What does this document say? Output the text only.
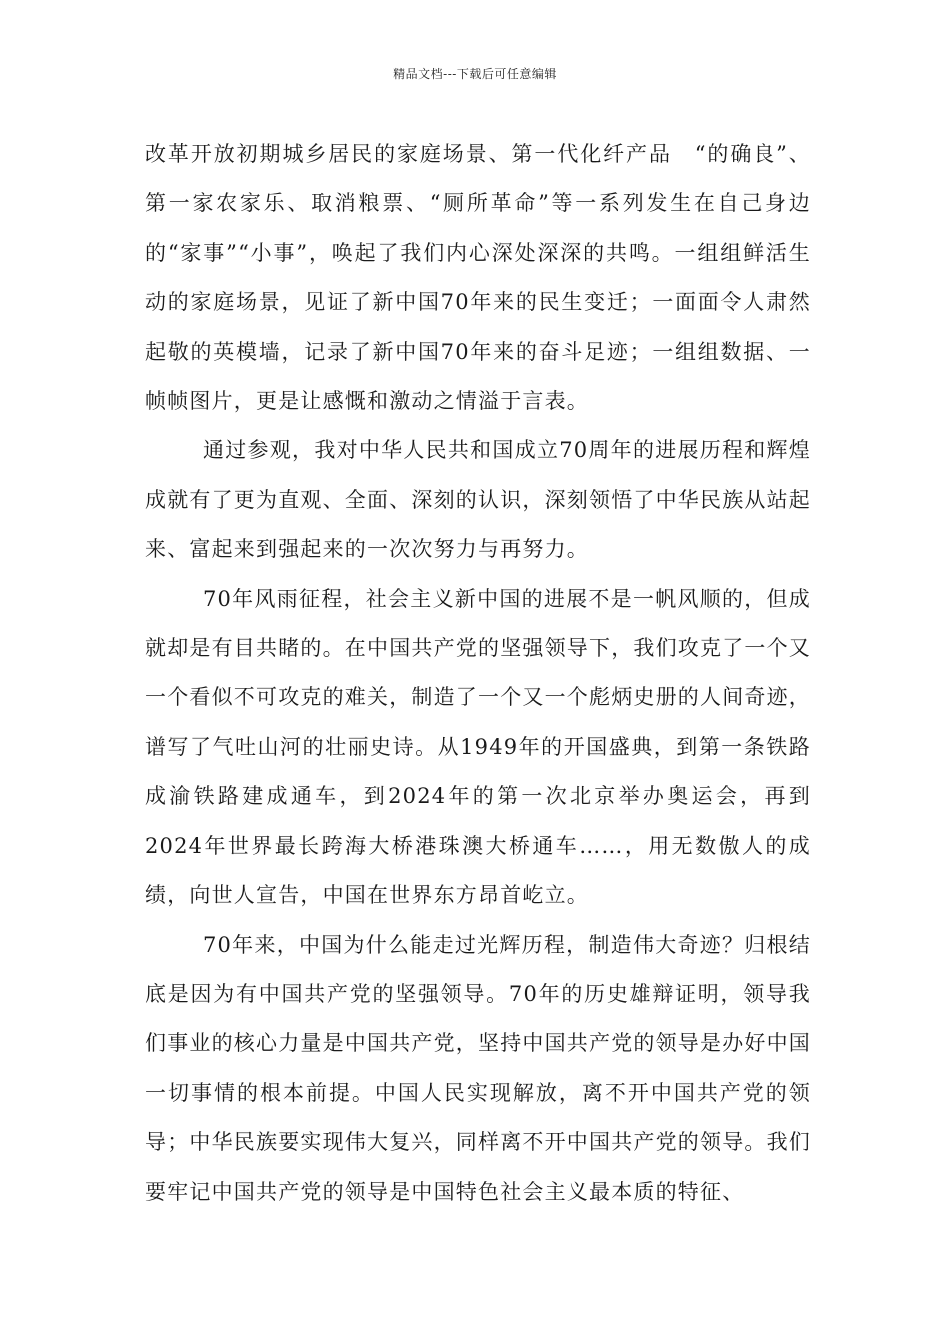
精品文档---下载后可任意编辑

改革开放初期城乡居民的家庭场景、第一代化纤产品　“的确良”、第一家农家乐、取消粮票、“厕所革命”等一系列发生在自己身边的“家事”“小事”，唤起了我们内心深处深深的共鸣。一组组鲜活生动的家庭场景，见证了新中国70年来的民生变迁；一面面令人肃然起敬的英模墙，记录了新中国70年来的奋斗足迹；一组组数据、一帧帧图片，更是让感慨和激动之情溢于言表。

通过参观，我对中华人民共和国成立70周年的进展历程和辉煌成就有了更为直观、全面、深刻的认识，深刻领悟了中华民族从站起来、富起来到强起来的一次次努力与再努力。

70年风雨征程，社会主义新中国的进展不是一帆风顺的，但成就却是有目共睹的。在中国共产党的坚强领导下，我们攻克了一个又一个看似不可攻克的难关，制造了一个又一个彪炳史册的人间奇迹，谱写了气吐山河的壮丽史诗。从1949年的开国盛典，到第一条铁路成渝铁路建成通车，到2024年的第一次北京举办奥运会，再到2024年世界最长跨海大桥港珠澳大桥通车……，用无数傲人的成绩，向世人宣告，中国在世界东方昂首屹立。

70年来，中国为什么能走过光辉历程，制造伟大奇迹？归根结底是因为有中国共产党的坚强领导。70年的历史雄辩证明，领导我们事业的核心力量是中国共产党，坚持中国共产党的领导是办好中国一切事情的根本前提。中国人民实现解放，离不开中国共产党的领导；中华民族要实现伟大复兴，同样离不开中国共产党的领导。我们要牢记中国共产党的领导是中国特色社会主义最本质的特征、
